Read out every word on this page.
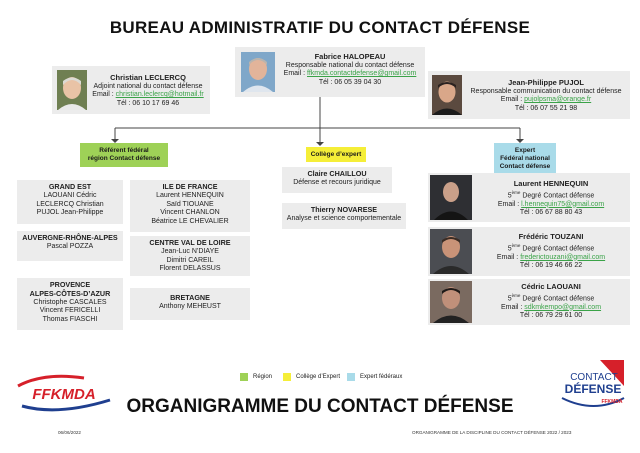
BUREAU ADMINISTRATIF DU CONTACT DÉFENSE
Fabrice HALOPEAU
Responsable national du contact défense
Email : ffkmda.contactdefense@gmail.com
Tél : 06 05 39 04 30
Christian LECLERCQ
Adjoint national du contact défense
Email : christian.leclercq@hotmail.fr
Tél : 06 10 17 69 46
Jean-Philippe PUJOL
Responsable communication du contact défense
Email : pujolpsma@orange.fr
Tél : 06 07 55 21 98
Référent fédéral
région Contact défense
Collège d’expert
Expert
Fédéral national
Contact défense
GRAND EST
LAOUANI Cédric
LECLERCQ Christian
PUJOL Jean-Philippe
AUVERGNE-RHÔNE-ALPES
Pascal POZZA
PROVENCE
ALPES-CÔTES-D’AZUR
Christophe CASCALES
Vincent FERICELLI
Thomas FIASCHI
ILE DE FRANCE
Laurent HENNEQUIN
Saïd TIOUANE
Vincent CHANLON
Béatrice LE CHEVALIER
CENTRE VAL DE LOIRE
Jean-Luc N’DIAYE
Dimitri CAREIL
Florent DELASSUS
BRETAGNE
Anthony MEHEUST
Claire CHAILLOU
Défense et recours juridique
Thierry NOVARESE
Analyse et science comportementale
Laurent HENNEQUIN
5ème Degré Contact défense
Email : l.hennequin75@gmail.com
Tél : 06 67 88 80 43
Frédéric TOUZANI
5ème Degré Contact défense
Email : frederictouzani@gmail.com
Tél : 06 19 46 66 22
Cédric LAOUANI
5ème Degré Contact défense
Email : sdkmkempo@gmail.com
Tél : 06 79 29 61 00
Région	Collège d’Expert	Expert fédéraux
FFKMDA
CONTACT
DÉFENSE
FFKMDA
ORGANIGRAMME DU CONTACT DÉFENSE
06/06/2022	ORGANIGRAMME DE LA DISCIPLINE DU CONTACT DÉFENSE 2022 / 2023
